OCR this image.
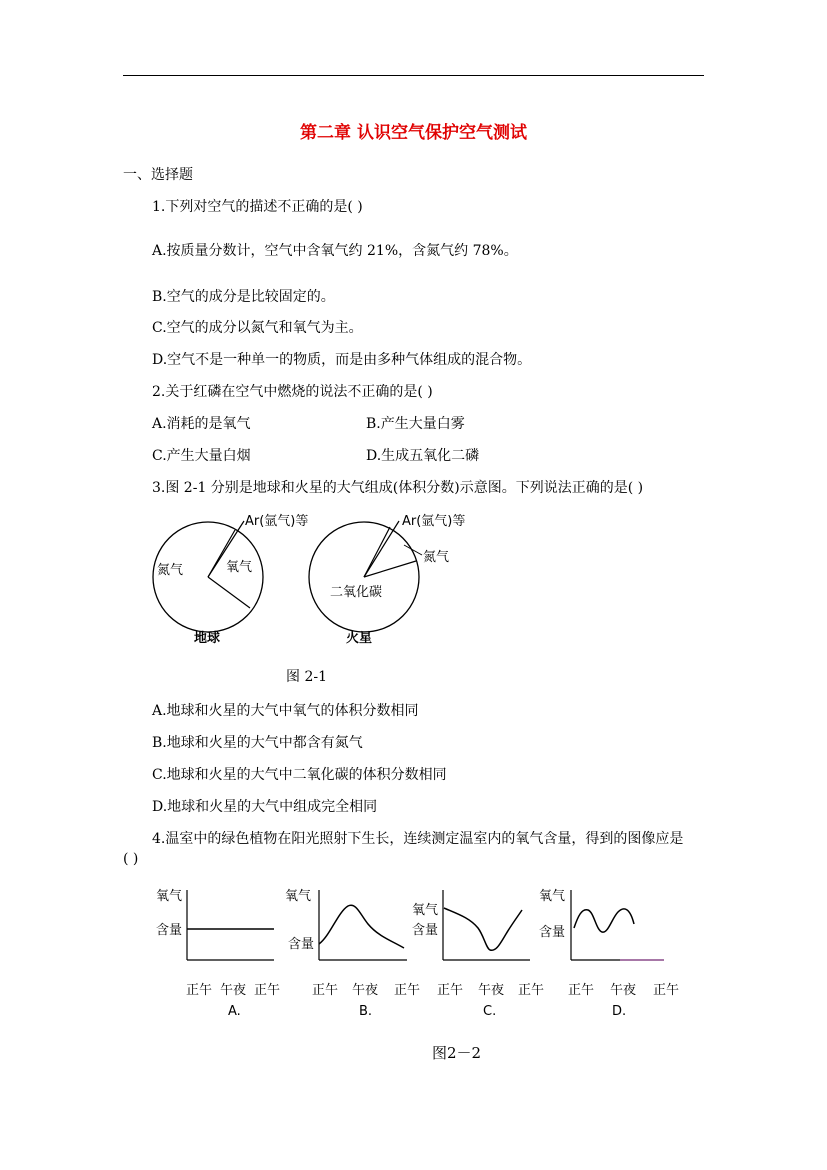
第二章 认识空气保护空气测试
一、选择题
1.下列对空气的描述不正确的是( )
A.按质量分数计，空气中含氧气约 21%，含氮气约 78%。
B.空气的成分是比较固定的。
C.空气的成分以氮气和氧气为主。
D.空气不是一种单一的物质，而是由多种气体组成的混合物。
2.关于红磷在空气中燃烧的说法不正确的是( )
A.消耗的是氧气	B.产生大量白雾
C.产生大量白烟	D.生成五氧化二磷
3.图 2-1 分别是地球和火星的大气组成(体积分数)示意图。下列说法正确的是( )
Ar(氩气)等
氮气	氧气
地球
Ar(氩气)等
氮气
二氧化碳
火星
图 2-1
A.地球和火星的大气中氧气的体积分数相同
B.地球和火星的大气中都含有氮气
C.地球和火星的大气中二氧化碳的体积分数相同
D.地球和火星的大气中组成完全相同
4.温室中的绿色植物在阳光照射下生长，连续测定温室内的氧气含量，得到的图像应是
( )
氧气
含量
正午 午夜 正午
A.
氧气
含量
正午 午夜 正午
B.
氧气
含量
正午 午夜 正午
C.
氧气
含量
正午 午夜 正午
D.
图2－2
